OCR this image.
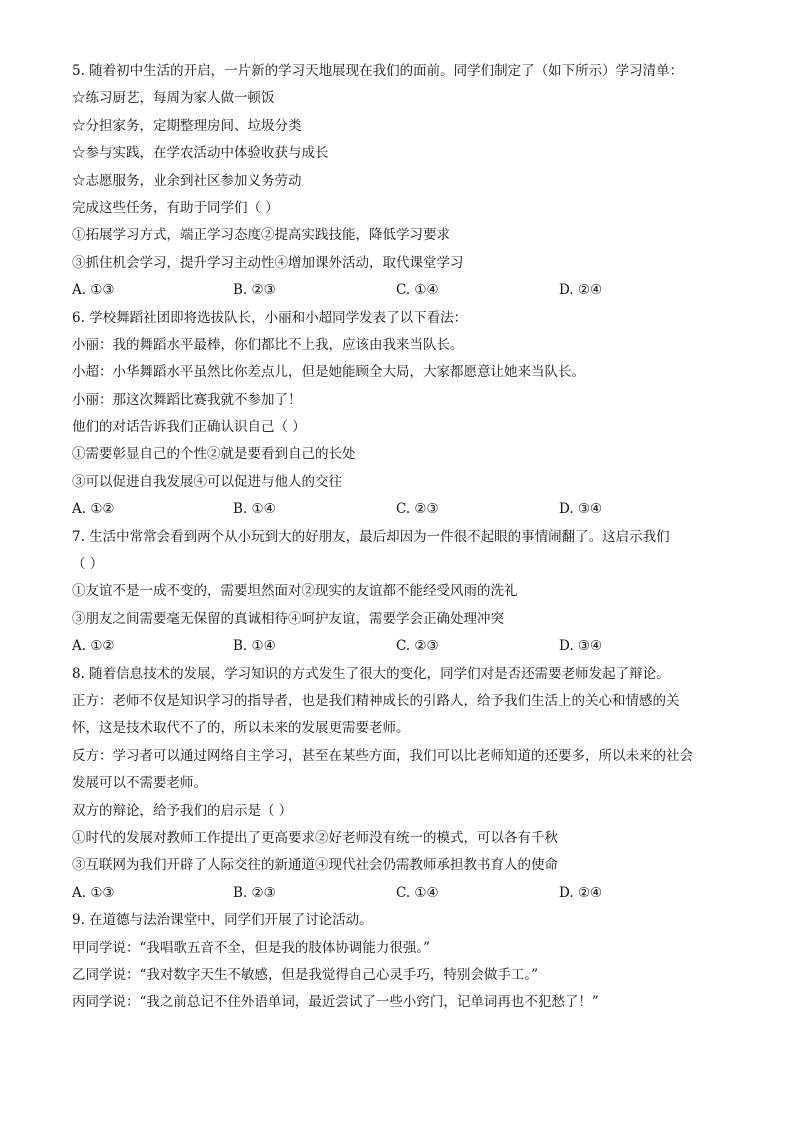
5. 随着初中生活的开启，一片新的学习天地展现在我们的面前。同学们制定了（如下所示）学习清单：
☆练习厨艺，每周为家人做一顿饭
☆分担家务，定期整理房间、垃圾分类
☆参与实践，在学农活动中体验收获与成长
☆志愿服务，业余到社区参加义务劳动
完成这些任务，有助于同学们（ ）
①拓展学习方式，端正学习态度②提高实践技能，降低学习要求
③抓住机会学习，提升学习主动性④增加课外活动，取代课堂学习
A. ①③	B. ②③	C. ①④	D. ②④
6. 学校舞蹈社团即将选拔队长，小丽和小超同学发表了以下看法：
小丽：我的舞蹈水平最棒，你们都比不上我，应该由我来当队长。
小超：小华舞蹈水平虽然比你差点儿，但是她能顾全大局，大家都愿意让她来当队长。
小丽：那这次舞蹈比赛我就不参加了！
他们的对话告诉我们正确认识自己（ ）
①需要彰显自己的个性②就是要看到自己的长处
③可以促进自我发展④可以促进与他人的交往
A. ①②	B. ①④	C. ②③	D. ③④
7. 生活中常常会看到两个从小玩到大的好朋友，最后却因为一件很不起眼的事情闹翻了。这启示我们
（ ）
①友谊不是一成不变的，需要坦然面对②现实的友谊都不能经受风雨的洗礼
③朋友之间需要毫无保留的真诚相待④呵护友谊，需要学会正确处理冲突
A. ①②	B. ①④	C. ②③	D. ③④
8. 随着信息技术的发展，学习知识的方式发生了很大的变化，同学们对是否还需要老师发起了辩论。
正方：老师不仅是知识学习的指导者，也是我们精神成长的引路人，给予我们生活上的关心和情感的关
怀，这是技术取代不了的，所以未来的发展更需要老师。
反方：学习者可以通过网络自主学习，甚至在某些方面，我们可以比老师知道的还要多，所以未来的社会
发展可以不需要老师。
双方的辩论，给予我们的启示是（ ）
①时代的发展对教师工作提出了更高要求②好老师没有统一的模式，可以各有千秋
③互联网为我们开辟了人际交往的新通道④现代社会仍需教师承担教书育人的使命
A. ①③	B. ②③	C. ①④	D. ②④
9. 在道德与法治课堂中，同学们开展了讨论活动。
甲同学说：“我唱歌五音不全，但是我的肢体协调能力很强。”
乙同学说：“我对数字天生不敏感，但是我觉得自己心灵手巧，特别会做手工。”
丙同学说：“我之前总记不住外语单词，最近尝试了一些小窍门，记单词再也不犯愁了！”
